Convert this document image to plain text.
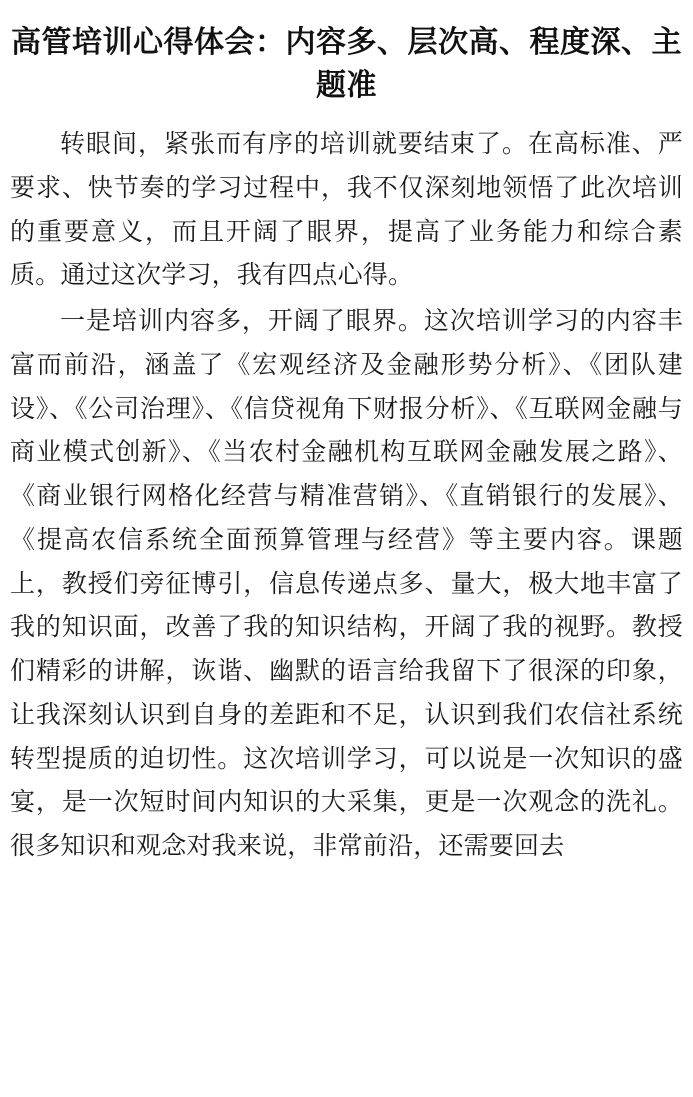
高管培训心得体会：内容多、层次高、程度深、主题准

转眼间，紧张而有序的培训就要结束了。在高标准、严要求、快节奏的学习过程中，我不仅深刻地领悟了此次培训的重要意义，而且开阔了眼界，提高了业务能力和综合素质。通过这次学习，我有四点心得。

一是培训内容多，开阔了眼界。这次培训学习的内容丰富而前沿，涵盖了《宏观经济及金融形势分析》、《团队建设》、《公司治理》、《信贷视角下财报分析》、《互联网金融与商业模式创新》、《当农村金融机构互联网金融发展之路》、《商业银行网格化经营与精准营销》、《直销银行的发展》、《提高农信系统全面预算管理与经营》等主要内容。课题上，教授们旁征博引，信息传递点多、量大，极大地丰富了我的知识面，改善了我的知识结构，开阔了我的视野。教授们精彩的讲解，诙谐、幽默的语言给我留下了很深的印象，让我深刻认识到自身的差距和不足，认识到我们农信社系统转型提质的迫切性。这次培训学习，可以说是一次知识的盛宴，是一次短时间内知识的大采集，更是一次观念的洗礼。很多知识和观念对我来说，非常前沿，还需要回去
